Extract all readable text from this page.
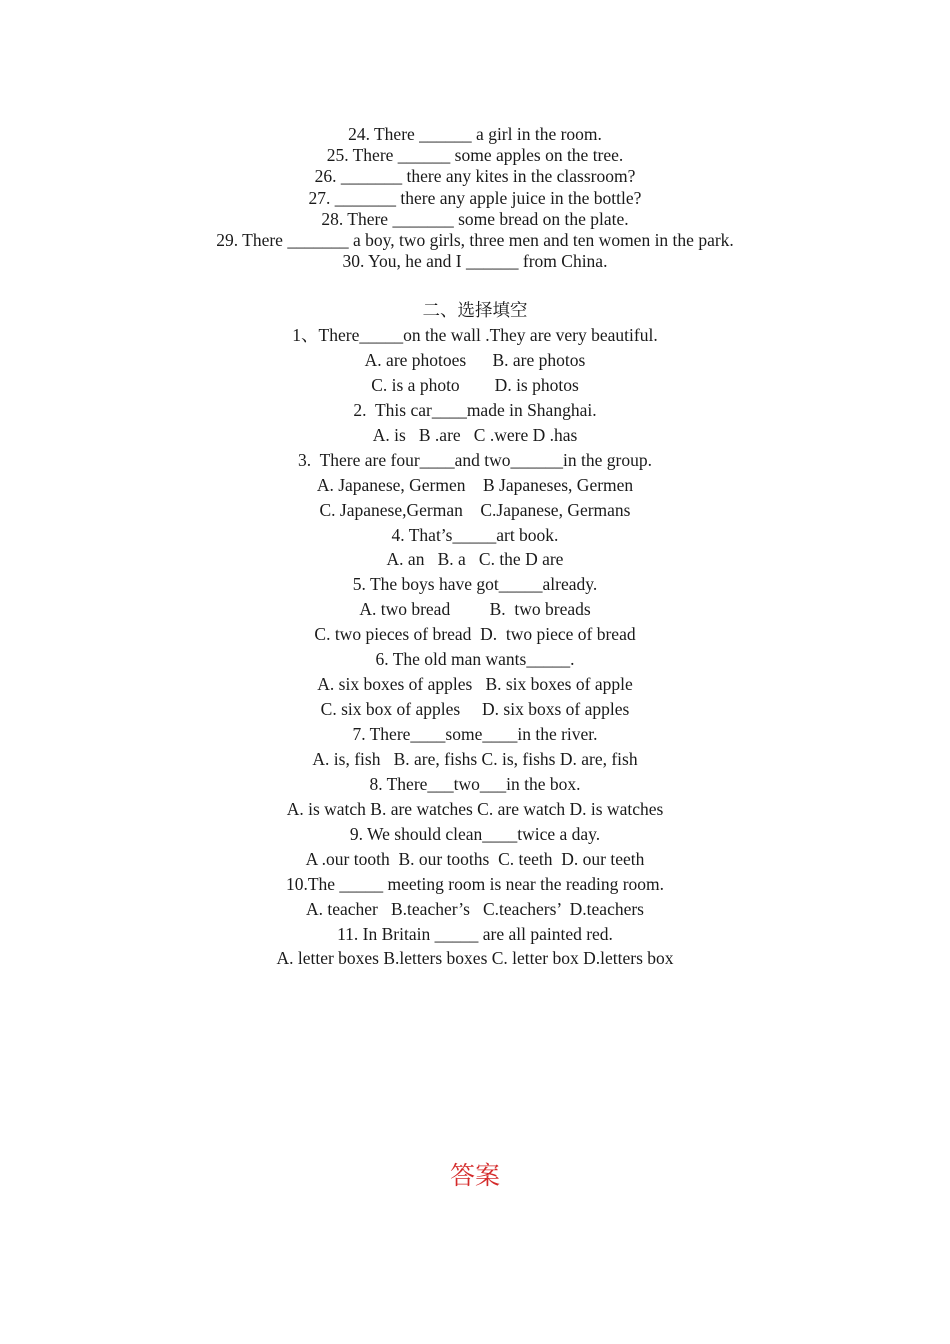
24. There ______ a girl in the room.
25. There ______ some apples on the tree.
26. _______ there any kites in the classroom?
27. _______ there any apple juice in the bottle?
28. There _______ some bread on the plate.
29. There _______ a boy, two girls, three men and ten women in the park.
30. You, he and I ______ from China.
二、选择填空
1、There_____on the wall .They are very beautiful.
A. are photoes      B. are photos
C. is a photo        D. is photos
2.  This car____made in Shanghai.
A. is   B .are   C .were D .has
3.  There are four____and two______in the group.
A. Japanese, Germen    B Japaneses, Germen
C. Japanese,German    C.Japanese, Germans
4. That’s_____art book.
A. an   B. a   C. the D are
5. The boys have got_____already.
A. two bread         B.  two breads
C. two pieces of bread  D.  two piece of bread
6. The old man wants_____.
A. six boxes of apples   B. six boxes of apple
C. six box of apples     D. six boxs of apples
7. There____some____in the river.
A. is, fish   B. are, fishs C. is, fishs D. are, fish
8. There___two___in the box.
A. is watch B. are watches C. are watch D. is watches
9. We should clean____twice a day.
A .our tooth  B. our tooths  C. teeth  D. our teeth
10.The _____ meeting room is near the reading room.
A. teacher   B.teacher’s   C.teachers’  D.teachers
11. In Britain _____ are all painted red.
A. letter boxes B.letters boxes C. letter box D.letters box
答案
